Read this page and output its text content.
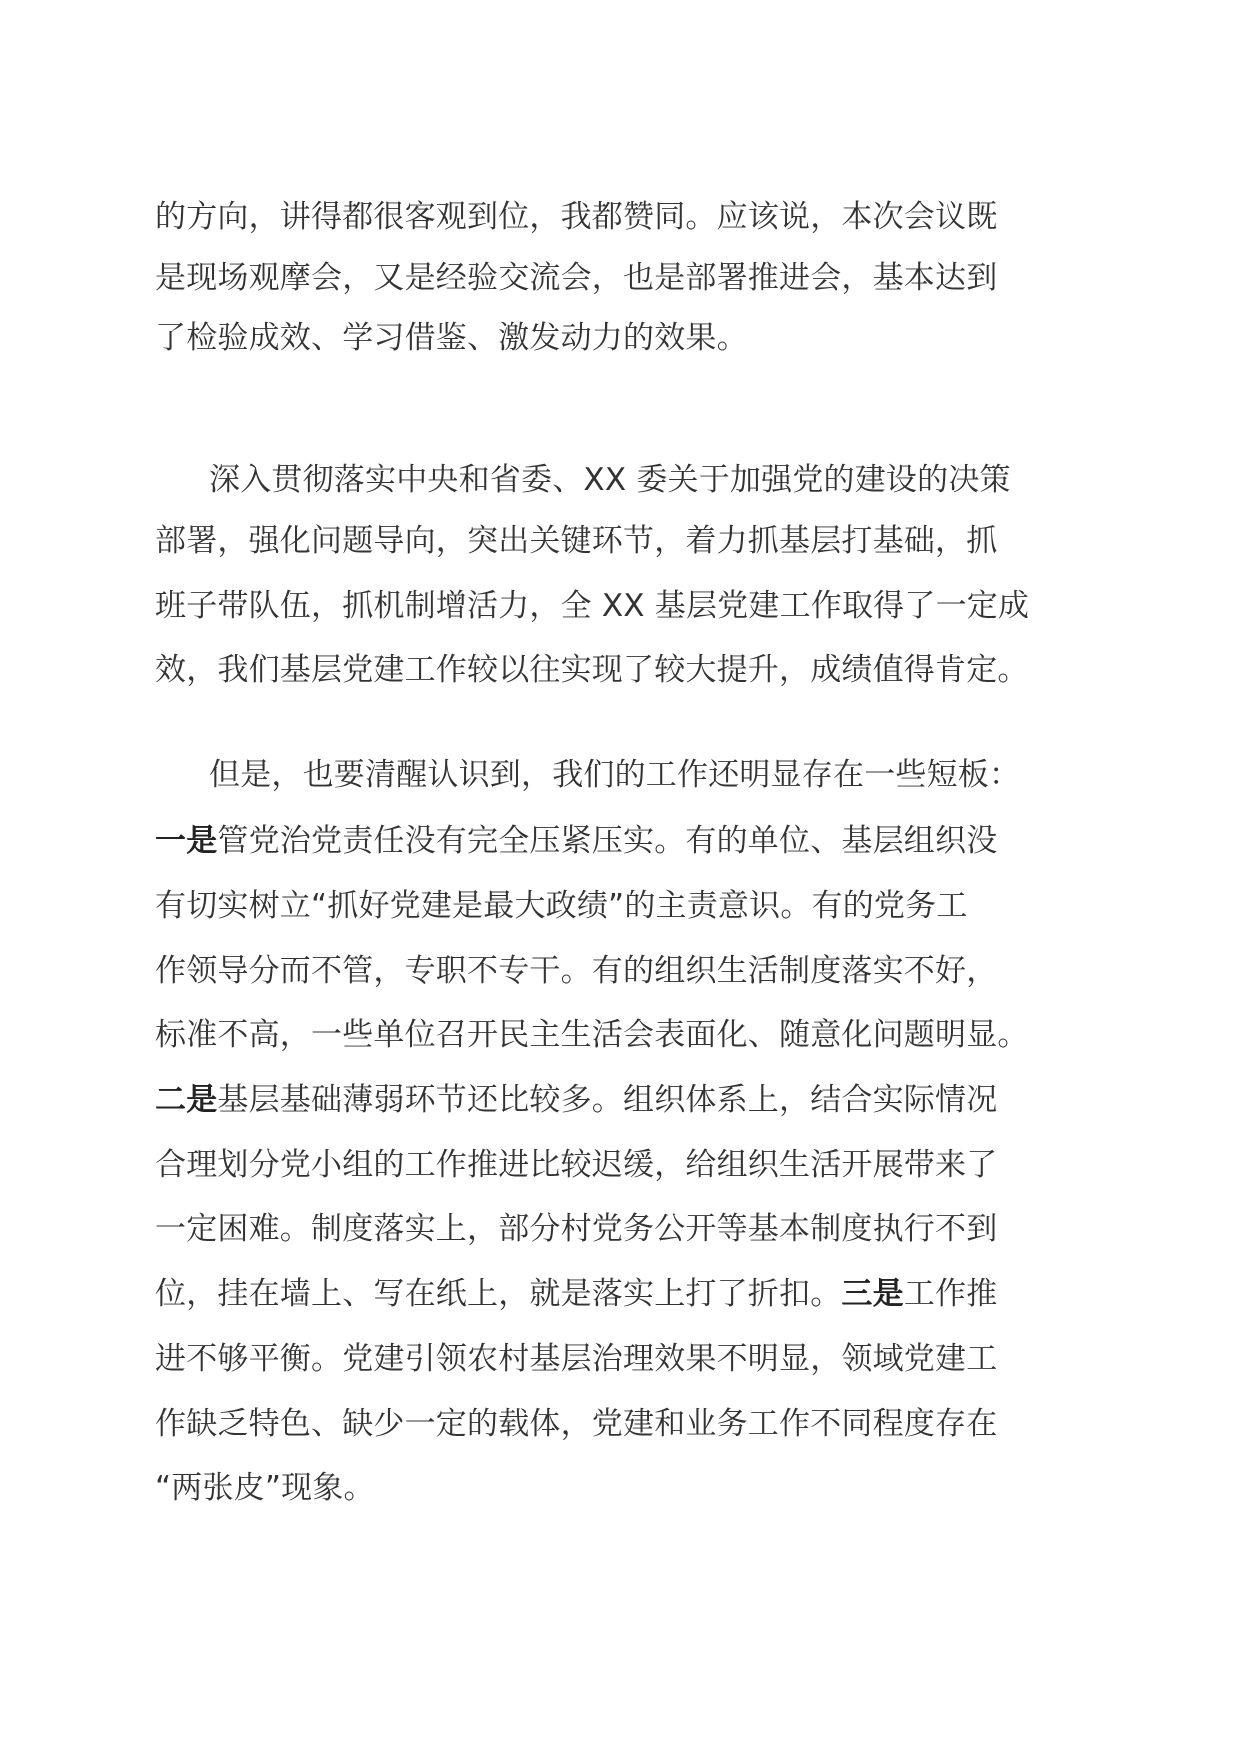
的方向，讲得都很客观到位，我都赞同。应该说，本次会议既
是现场观摩会，又是经验交流会，也是部署推进会，基本达到
了检验成效、学习借鉴、激发动力的效果。
深入贯彻落实中央和省委、XX 委关于加强党的建设的决策
部署，强化问题导向，突出关键环节，着力抓基层打基础，抓
班子带队伍，抓机制增活力，全 XX 基层党建工作取得了一定成
效，我们基层党建工作较以往实现了较大提升，成绩值得肯定。
但是，也要清醒认识到，我们的工作还明显存在一些短板：
一是管党治党责任没有完全压紧压实。有的单位、基层组织没
有切实树立“抓好党建是最大政绩”的主责意识。有的党务工
作领导分而不管，专职不专干。有的组织生活制度落实不好，
标准不高，一些单位召开民主生活会表面化、随意化问题明显。
二是基层基础薄弱环节还比较多。组织体系上，结合实际情况
合理划分党小组的工作推进比较迟缓，给组织生活开展带来了
一定困难。制度落实上，部分村党务公开等基本制度执行不到
位，挂在墙上、写在纸上，就是落实上打了折扣。三是工作推
进不够平衡。党建引领农村基层治理效果不明显，领域党建工
作缺乏特色、缺少一定的载体，党建和业务工作不同程度存在
“两张皮”现象。
